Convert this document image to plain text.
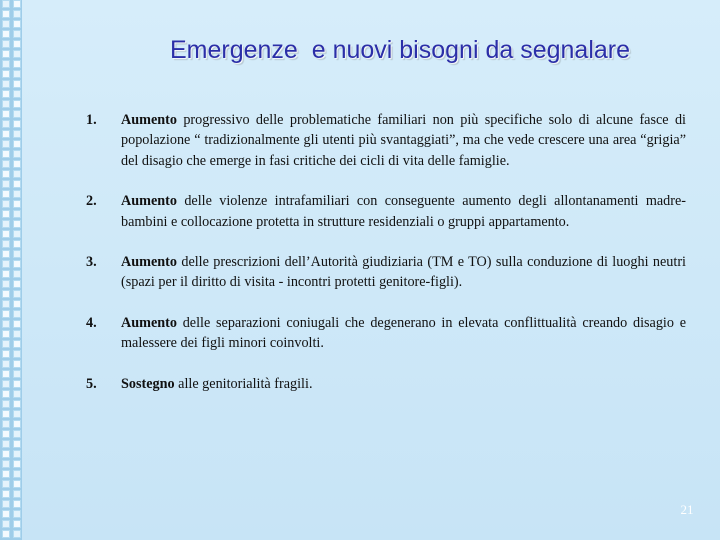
Emergenze  e nuovi bisogni da segnalare
1.	Aumento progressivo delle problematiche familiari non più specifiche solo di alcune fasce di popolazione “ tradizionalmente gli utenti più svantaggiati”, ma che vede crescere una area “grigia” del disagio che emerge in fasi critiche dei cicli di vita delle famiglie.
2.	Aumento delle violenze intrafamiliari con conseguente aumento degli allontanamenti madre-bambini e collocazione protetta in strutture residenziali o gruppi appartamento.
3.	Aumento delle prescrizioni dell’Autorità giudiziaria (TM e TO) sulla conduzione di luoghi neutri (spazi per il diritto di visita - incontri protetti genitore-figli).
4.	Aumento delle separazioni coniugali che degenerano in elevata conflittualità creando disagio e malessere dei figli minori coinvolti.
5.	Sostegno alle genitorialità fragili.
21
